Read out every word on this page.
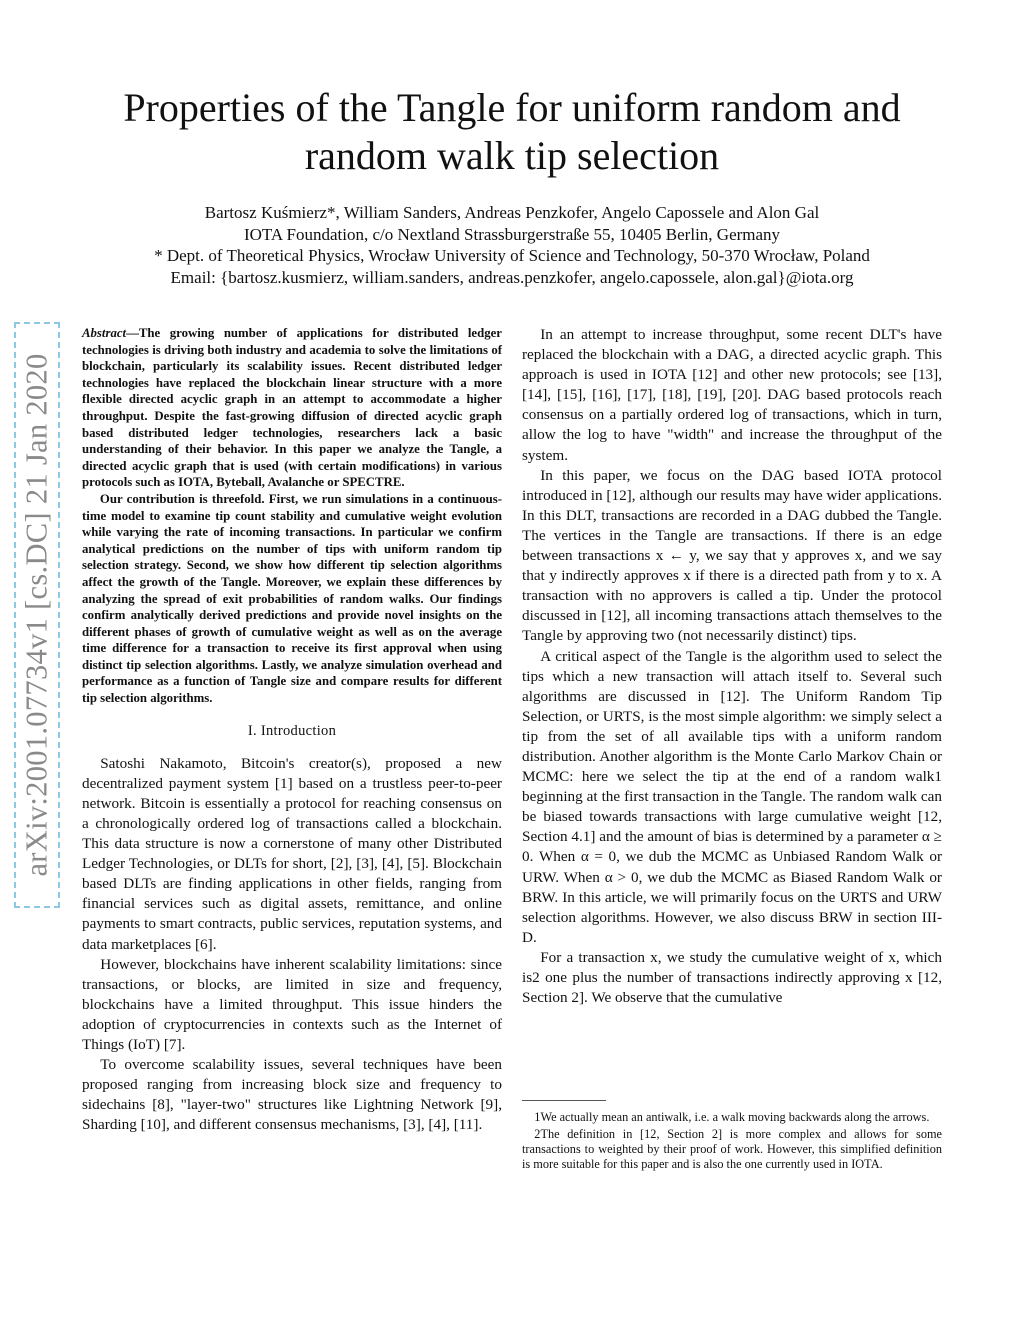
arXiv:2001.07734v1 [cs.DC] 21 Jan 2020
Properties of the Tangle for uniform random and random walk tip selection
Bartosz Kuśmierz*, William Sanders, Andreas Penzkofer, Angelo Capossele and Alon Gal
IOTA Foundation, c/o Nextland Strassburgerstraße 55, 10405 Berlin, Germany
* Dept. of Theoretical Physics, Wrocław University of Science and Technology, 50-370 Wrocław, Poland
Email: {bartosz.kusmierz, william.sanders, andreas.penzkofer, angelo.capossele, alon.gal}@iota.org

Abstract—The growing number of applications for distributed ledger technologies is driving both industry and academia to solve the limitations of blockchain, particularly its scalability issues. Recent distributed ledger technologies have replaced the blockchain linear structure with a more flexible directed acyclic graph in an attempt to accommodate a higher throughput. Despite the fast-growing diffusion of directed acyclic graph based distributed ledger technologies, researchers lack a basic understanding of their behavior. In this paper we analyze the Tangle, a directed acyclic graph that is used (with certain modifications) in various protocols such as IOTA, Byteball, Avalanche or SPECTRE.

Our contribution is threefold. First, we run simulations in a continuous-time model to examine tip count stability and cumulative weight evolution while varying the rate of incoming transactions. In particular we confirm analytical predictions on the number of tips with uniform random tip selection strategy. Second, we show how different tip selection algorithms affect the growth of the Tangle. Moreover, we explain these differences by analyzing the spread of exit probabilities of random walks. Our findings confirm analytically derived predictions and provide novel insights on the different phases of growth of cumulative weight as well as on the average time difference for a transaction to receive its first approval when using distinct tip selection algorithms. Lastly, we analyze simulation overhead and performance as a function of Tangle size and compare results for different tip selection algorithms.

I. Introduction

Satoshi Nakamoto, Bitcoin's creator(s), proposed a new decentralized payment system [1] based on a trustless peer-to-peer network. Bitcoin is essentially a protocol for reaching consensus on a chronologically ordered log of transactions called a blockchain. This data structure is now a cornerstone of many other Distributed Ledger Technologies, or DLTs for short, [2], [3], [4], [5]. Blockchain based DLTs are finding applications in other fields, ranging from financial services such as digital assets, remittance, and online payments to smart contracts, public services, reputation systems, and data marketplaces [6].

However, blockchains have inherent scalability limitations: since transactions, or blocks, are limited in size and frequency, blockchains have a limited throughput. This issue hinders the adoption of cryptocurrencies in contexts such as the Internet of Things (IoT) [7].

To overcome scalability issues, several techniques have been proposed ranging from increasing block size and frequency to sidechains [8], "layer-two" structures like Lightning Network [9], Sharding [10], and different consensus mechanisms, [3], [4], [11].

In an attempt to increase throughput, some recent DLT's have replaced the blockchain with a DAG, a directed acyclic graph. This approach is used in IOTA [12] and other new protocols; see [13], [14], [15], [16], [17], [18], [19], [20]. DAG based protocols reach consensus on a partially ordered log of transactions, which in turn, allow the log to have "width" and increase the throughput of the system.

In this paper, we focus on the DAG based IOTA protocol introduced in [12], although our results may have wider applications. In this DLT, transactions are recorded in a DAG dubbed the Tangle. The vertices in the Tangle are transactions. If there is an edge between transactions x ← y, we say that y approves x, and we say that y indirectly approves x if there is a directed path from y to x. A transaction with no approvers is called a tip. Under the protocol discussed in [12], all incoming transactions attach themselves to the Tangle by approving two (not necessarily distinct) tips.

A critical aspect of the Tangle is the algorithm used to select the tips which a new transaction will attach itself to. Several such algorithms are discussed in [12]. The Uniform Random Tip Selection, or URTS, is the most simple algorithm: we simply select a tip from the set of all available tips with a uniform random distribution. Another algorithm is the Monte Carlo Markov Chain or MCMC: here we select the tip at the end of a random walk1 beginning at the first transaction in the Tangle. The random walk can be biased towards transactions with large cumulative weight [12, Section 4.1] and the amount of bias is determined by a parameter α ≥ 0. When α = 0, we dub the MCMC as Unbiased Random Walk or URW. When α > 0, we dub the MCMC as Biased Random Walk or BRW. In this article, we will primarily focus on the URTS and URW selection algorithms. However, we also discuss BRW in section III-D.

For a transaction x, we study the cumulative weight of x, which is2 one plus the number of transactions indirectly approving x [12, Section 2]. We observe that the cumulative

1We actually mean an antiwalk, i.e. a walk moving backwards along the arrows.

2The definition in [12, Section 2] is more complex and allows for some transactions to weighted by their proof of work. However, this simplified definition is more suitable for this paper and is also the one currently used in IOTA.
